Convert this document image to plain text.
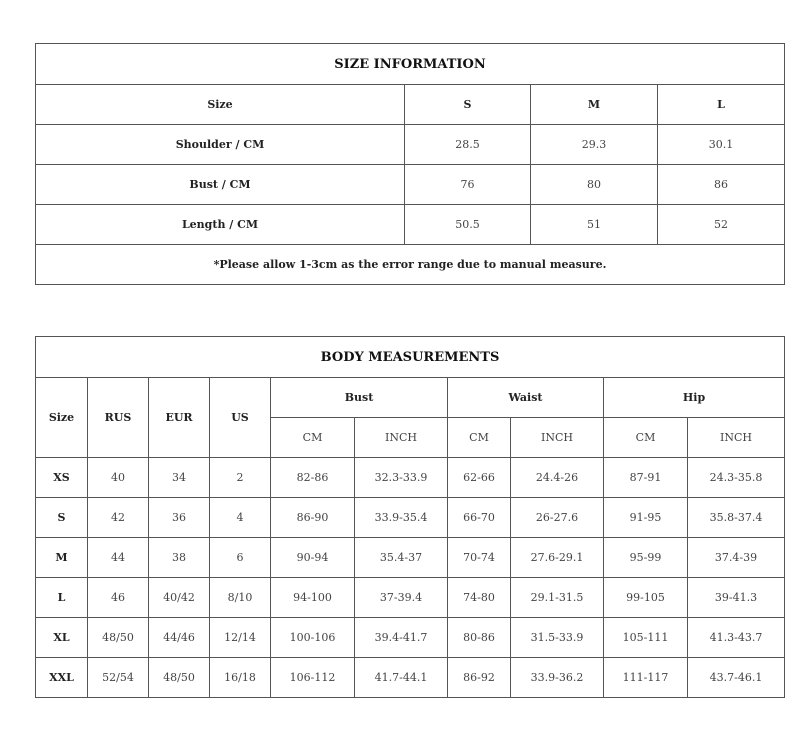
SIZE INFORMATION			
Size	S	M	L
Shoulder / CM	28.5	29.3	30.1
Bust / CM	76	80	86
Length / CM	50.5	51	52
*Please allow 1-3cm as the error range due to manual measure.			
BODY MEASUREMENTS									
Size	RUS	EUR	US	Bust		Waist		Hip	
				CM	INCH	CM	INCH	CM	INCH
XS	40	34	2	82-86	32.3-33.9	62-66	24.4-26	87-91	24.3-35.8
S	42	36	4	86-90	33.9-35.4	66-70	26-27.6	91-95	35.8-37.4
M	44	38	6	90-94	35.4-37	70-74	27.6-29.1	95-99	37.4-39
L	46	40/42	8/10	94-100	37-39.4	74-80	29.1-31.5	99-105	39-41.3
XL	48/50	44/46	12/14	100-106	39.4-41.7	80-86	31.5-33.9	105-111	41.3-43.7
XXL	52/54	48/50	16/18	106-112	41.7-44.1	86-92	33.9-36.2	111-117	43.7-46.1
